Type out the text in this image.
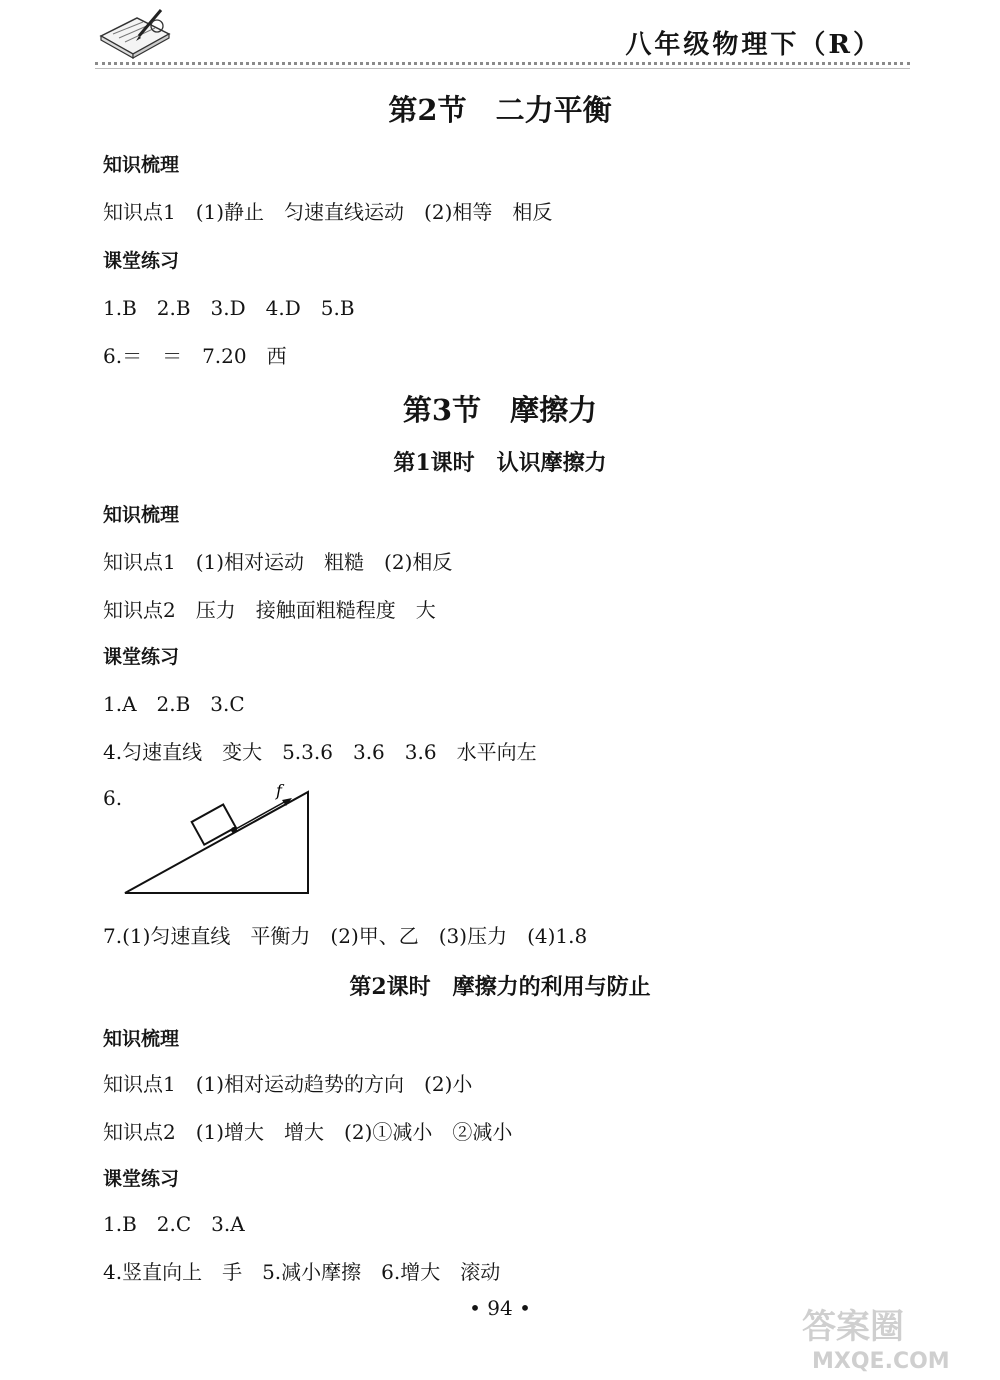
八年级物理下（R）
第2节　二力平衡
知识梳理
知识点1　(1)静止　匀速直线运动　(2)相等　相反
课堂练习
1.B　2.B　3.D　4.D　5.B
6.＝　＝　7.20　西
第3节　摩擦力
第1课时　认识摩擦力
知识梳理
知识点1　(1)相对运动　粗糙　(2)相反
知识点2　压力　接触面粗糙程度　大
课堂练习
1.A　2.B　3.C
4.匀速直线　变大　5.3.6　3.6　3.6　水平向左
6.	f
7.(1)匀速直线　平衡力　(2)甲、乙　(3)压力　(4)1.8
第2课时　摩擦力的利用与防止
知识梳理
知识点1　(1)相对运动趋势的方向　(2)小
知识点2　(1)增大　增大　(2)①减小　②减小
课堂练习
1.B　2.C　3.A
4.竖直向上　手　5.减小摩擦　6.增大　滚动
• 94 •	答案圈
MXQE.COM
